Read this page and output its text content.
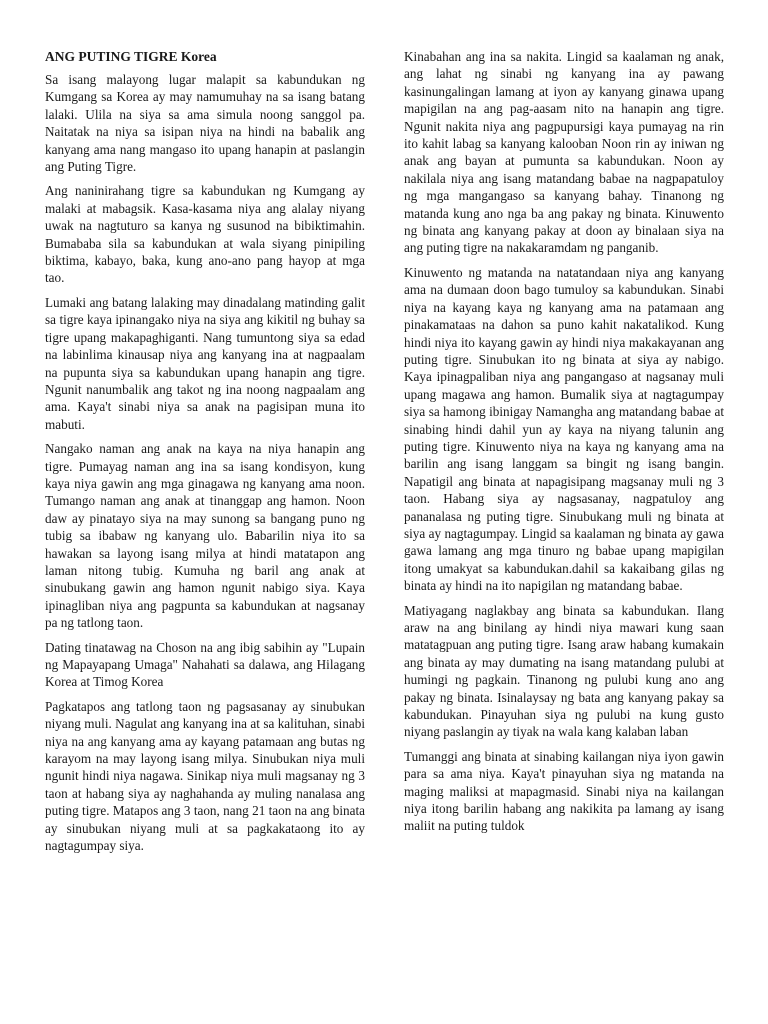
ANG PUTING TIGRE Korea

Sa isang malayong lugar malapit sa kabundukan ng Kumgang sa Korea ay may namumuhay na sa isang batang lalaki. Ulila na siya sa ama simula noong sanggol pa. Naitatak na niya sa isipan niya na hindi na babalik ang kanyang ama nang mangaso ito upang hanapin at paslangin ang Puting Tigre.

Ang naninirahang tigre sa kabundukan ng Kumgang ay malaki at mabagsik. Kasa-kasama niya ang alalay niyang uwak na nagtuturo sa kanya ng susunod na bibiktimahin. Bumababa sila sa kabundukan at wala siyang pinipiling biktima, kabayo, baka, kung ano-ano pang hayop at mga tao.

Lumaki ang batang lalaking may dinadalang matinding galit sa tigre kaya ipinangako niya na siya ang kikitil ng buhay sa tigre upang makapaghiganti. Nang tumuntong siya sa edad na labinlima kinausap niya ang kanyang ina at nagpaalam na pupunta siya sa kabundukan upang hanapin ang tigre. Ngunit nanumbalik ang takot ng ina noong nagpaalam ang ama. Kaya't sinabi niya sa anak na pagisipan muna ito mabuti.

Nangako naman ang anak na kaya na niya hanapin ang tigre. Pumayag naman ang ina sa isang kondisyon, kung kaya niya gawin ang mga ginagawa ng kanyang ama noon. Tumango naman ang anak at tinanggap ang hamon. Noon daw ay pinatayo siya na may sunong sa bangang puno ng tubig sa ibabaw ng kanyang ulo. Babarilin niya ito sa hawakan sa layong isang milya at hindi matatapon ang laman nitong tubig. Kumuha ng baril ang anak at sinubukang gawin ang hamon ngunit nabigo siya. Kaya ipinagliban niya ang pagpunta sa kabundukan at nagsanay pa ng tatlong taon.

Dating tinatawag na Choson na ang ibig sabihin ay "Lupain ng Mapayapang Umaga" Nahahati sa dalawa, ang Hilagang Korea at Timog Korea

Pagkatapos ang tatlong taon ng pagsasanay ay sinubukan niyang muli. Nagulat ang kanyang ina at sa kalituhan, sinabi niya na ang kanyang ama ay kayang patamaan ang butas ng karayom na may layong isang milya. Sinubukan niya muli ngunit hindi niya nagawa. Sinikap niya muli magsanay ng 3 taon at habang siya ay naghahanda ay muling nanalasa ang puting tigre. Matapos ang 3 taon, nang 21 taon na ang binata ay sinubukan niyang muli at sa pagkakataong ito ay nagtagumpay siya.

Kinabahan ang ina sa nakita. Lingid sa kaalaman ng anak, ang lahat ng sinabi ng kanyang ina ay pawang kasinungalingan lamang at iyon ay kanyang ginawa upang mapigilan na ang pag-aasam nito na hanapin ang tigre. Ngunit nakita niya ang pagpupursigi kaya pumayag na rin ito kahit labag sa kanyang kalooban Noon rin ay iniwan ng anak ang bayan at pumunta sa kabundukan. Noon ay nakilala niya ang isang matandang babae na nagpapatuloy ng mga mangangaso sa kanyang bahay. Tinanong ng matanda kung ano nga ba ang pakay ng binata. Kinuwento ng binata ang kanyang pakay at doon ay binalaan siya na ang puting tigre na nakakaramdam ng panganib.

Kinuwento ng matanda na natatandaan niya ang kanyang ama na dumaan doon bago tumuloy sa kabundukan. Sinabi niya na kayang kaya ng kanyang ama na patamaan ang pinakamataas na dahon sa puno kahit nakatalikod. Kung hindi niya ito kayang gawin ay hindi niya makakayanan ang puting tigre. Sinubukan ito ng binata at siya ay nabigo. Kaya ipinagpaliban niya ang pangangaso at nagsanay muli upang magawa ang hamon. Bumalik siya at nagtagumpay siya sa hamong ibinigay Namangha ang matandang babae at sinabing hindi dahil yun ay kaya na niyang talunin ang puting tigre. Kinuwento niya na kaya ng kanyang ama na barilin ang isang langgam sa bingit ng isang bangin. Napatigil ang binata at napagisipang magsanay muli ng 3 taon. Habang siya ay nagsasanay, nagpatuloy ang pananalasa ng puting tigre. Sinubukang muli ng binata at siya ay nagtagumpay. Lingid sa kaalaman ng binata ay gawa gawa lamang ang mga tinuro ng babae upang mapigilan itong umakyat sa kabundukan.dahil sa kakaibang gilas ng binata ay hindi na ito napigilan ng matandang babae.

Matiyagang naglakbay ang binata sa kabundukan. Ilang araw na ang binilang ay hindi niya mawari kung saan matatagpuan ang puting tigre. Isang araw habang kumakain ang binata ay may dumating na isang matandang pulubi at humingi ng pagkain. Tinanong ng pulubi kung ano ang pakay ng binata. Isinalaysay ng bata ang kanyang pakay sa kabundukan. Pinayuhan siya ng pulubi na kung gusto niyang paslangin ay tiyak na wala kang kalaban laban

Tumanggi ang binata at sinabing kailangan niya iyon gawin para sa ama niya. Kaya't pinayuhan siya ng matanda na maging maliksi at mapagmasid. Sinabi niya na kailangan niya itong barilin habang ang nakikita pa lamang ay isang maliit na puting tuldok
